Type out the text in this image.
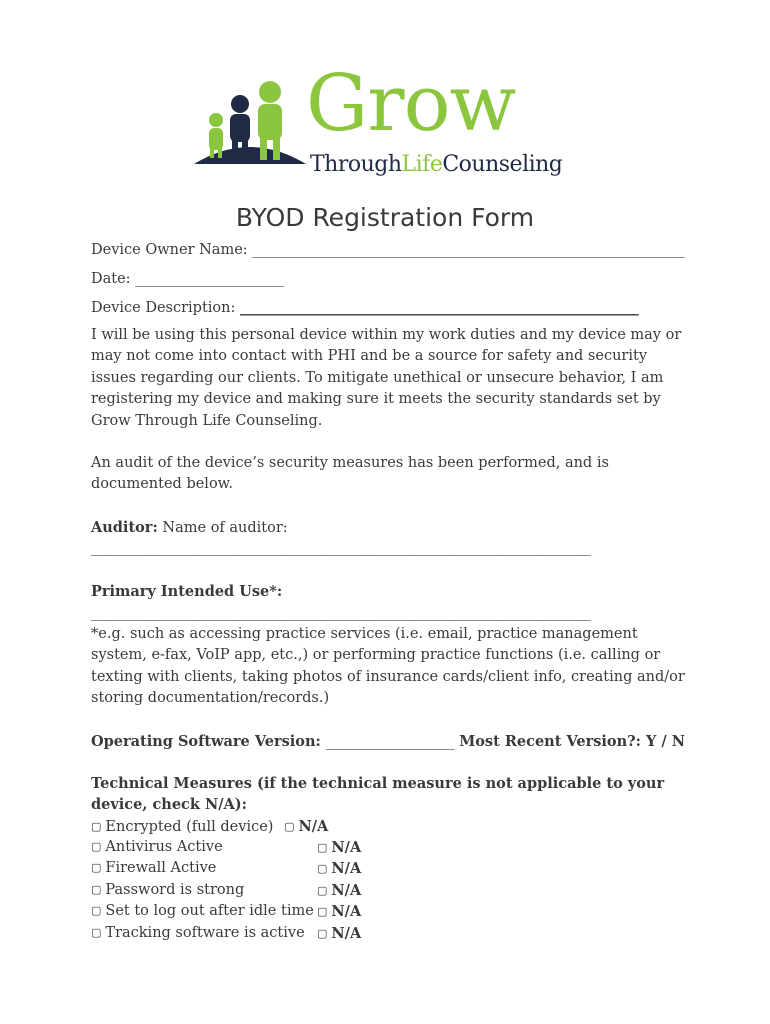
Grow
ThroughLifeCounseling
BYOD Registration Form
Device Owner Name: ________________________________________________________________
Date: ______________________
Device Description: ___________________________________________________________
I will be using this personal device within my work duties and my device may or may not come into contact with PHI and be a source for safety and security issues regarding our clients. To mitigate unethical or unsecure behavior, I am registering my device and making sure it meets the security standards set by Grow Through Life Counseling.
An audit of the device’s security measures has been performed, and is documented below.
Auditor: Name of auditor:
__________________________________________________________________________
Primary Intended Use*:
__________________________________________________________________________
*e.g. such as accessing practice services (i.e. email, practice management system, e-fax, VoIP app, etc.,) or performing practice functions (i.e. calling or texting with clients, taking photos of insurance cards/client info, creating and/or storing documentation/records.)
Operating Software Version: ___________________ Most Recent Version?: Y / N
Technical Measures (if the technical measure is not applicable to your device, check N/A):
▢ Encrypted (full device) ▢ N/A
▢ Antivirus Active	▢ N/A
▢ Firewall Active	▢ N/A
▢ Password is strong	▢ N/A
▢ Set to log out after idle time ▢ N/A
▢ Tracking software is active ▢ N/A
